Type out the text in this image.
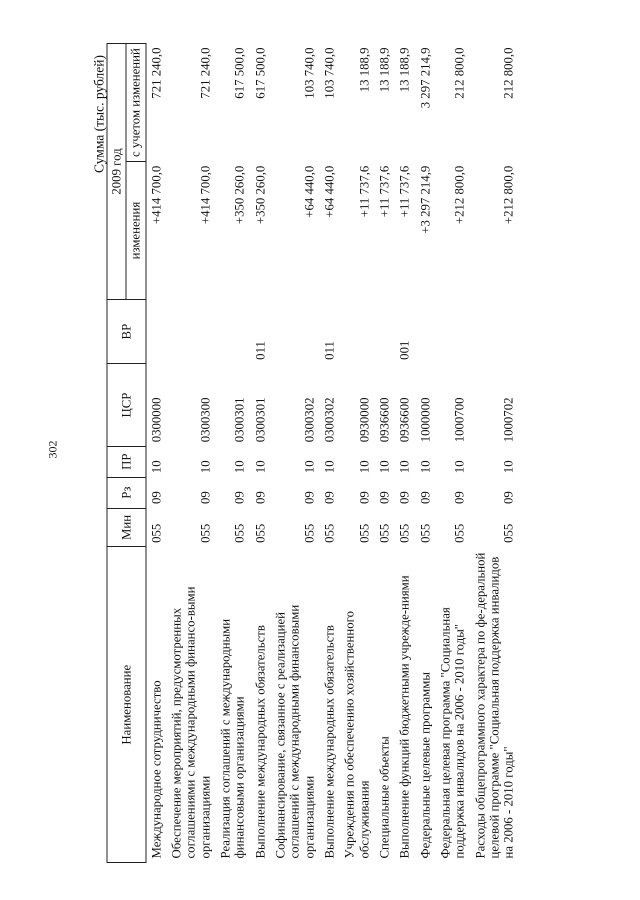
302
Сумма (тыс. рублей)
Наименование	Мин	Рз	ПР	ЦСР	ВР	2009 год	
						изменения	с учетом изменений

Международное сотрудничество	055	09	10	0300000		+414 700,0	721 240,0
Обеспечение мероприятий, предусмотренных соглашениями с международными финансо-выми организациями	055	09	10	0300300		+414 700,0	721 240,0
Реализация соглашений с международными финансовыми организациями	055	09	10	0300301		+350 260,0	617 500,0
Выполнение международных обязательств	055	09	10	0300301	011	+350 260,0	617 500,0
Софинансирование, связанное с реализацией соглашений с международными финансовыми организациями	055	09	10	0300302		+64 440,0	103 740,0
Выполнение международных обязательств	055	09	10	0300302	011	+64 440,0	103 740,0
Учреждения по обеспечению хозяйственного обслуживания	055	09	10	0930000		+11 737,6	13 188,9
Специальные объекты	055	09	10	0936600		+11 737,6	13 188,9
Выполнение функций бюджетными учрежде-ниями	055	09	10	0936600	001	+11 737,6	13 188,9
Федеральные целевые программы	055	09	10	1000000		+3 297 214,9	3 297 214,9
Федеральная целевая программа "Социальная поддержка инвалидов на 2006 - 2010 годы"	055	09	10	1000700		+212 800,0	212 800,0
Расходы общепрограммного характера по фе-деральной целевой программе "Социальная поддержка инвалидов на 2006 - 2010 годы"	055	09	10	1000702		+212 800,0	212 800,0
